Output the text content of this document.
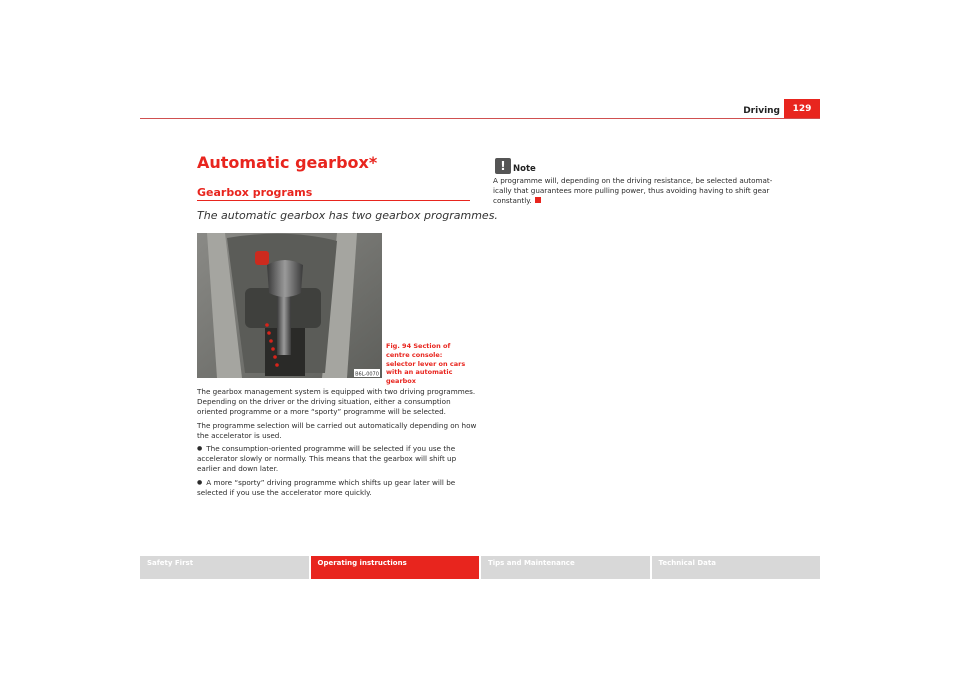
Driving	129
Automatic gearbox*
Gearbox programs
The automatic gearbox has two gearbox programmes.
B6L-0070
Fig. 94 Section of centre console: selector lever on cars with an automatic gearbox

The gearbox management system is equipped with two driving programmes. Depending on the driver or the driving situation, either a consumption oriented programme or a more “sporty” programme will be selected.

The programme selection will be carried out automatically depending on how the accelerator is used.

● The consumption-oriented programme will be selected if you use the accelerator slowly or normally. This means that the gearbox will shift up earlier and down later.

● A more “sporty” driving programme which shifts up gear later will be selected if you use the accelerator more quickly.

!
Note
A programme will, depending on the driving resistance, be selected automat- ically that guarantees more pulling power, thus avoiding having to shift gear constantly.
Safety First	Operating instructions	Tips and Maintenance	Technical Data
